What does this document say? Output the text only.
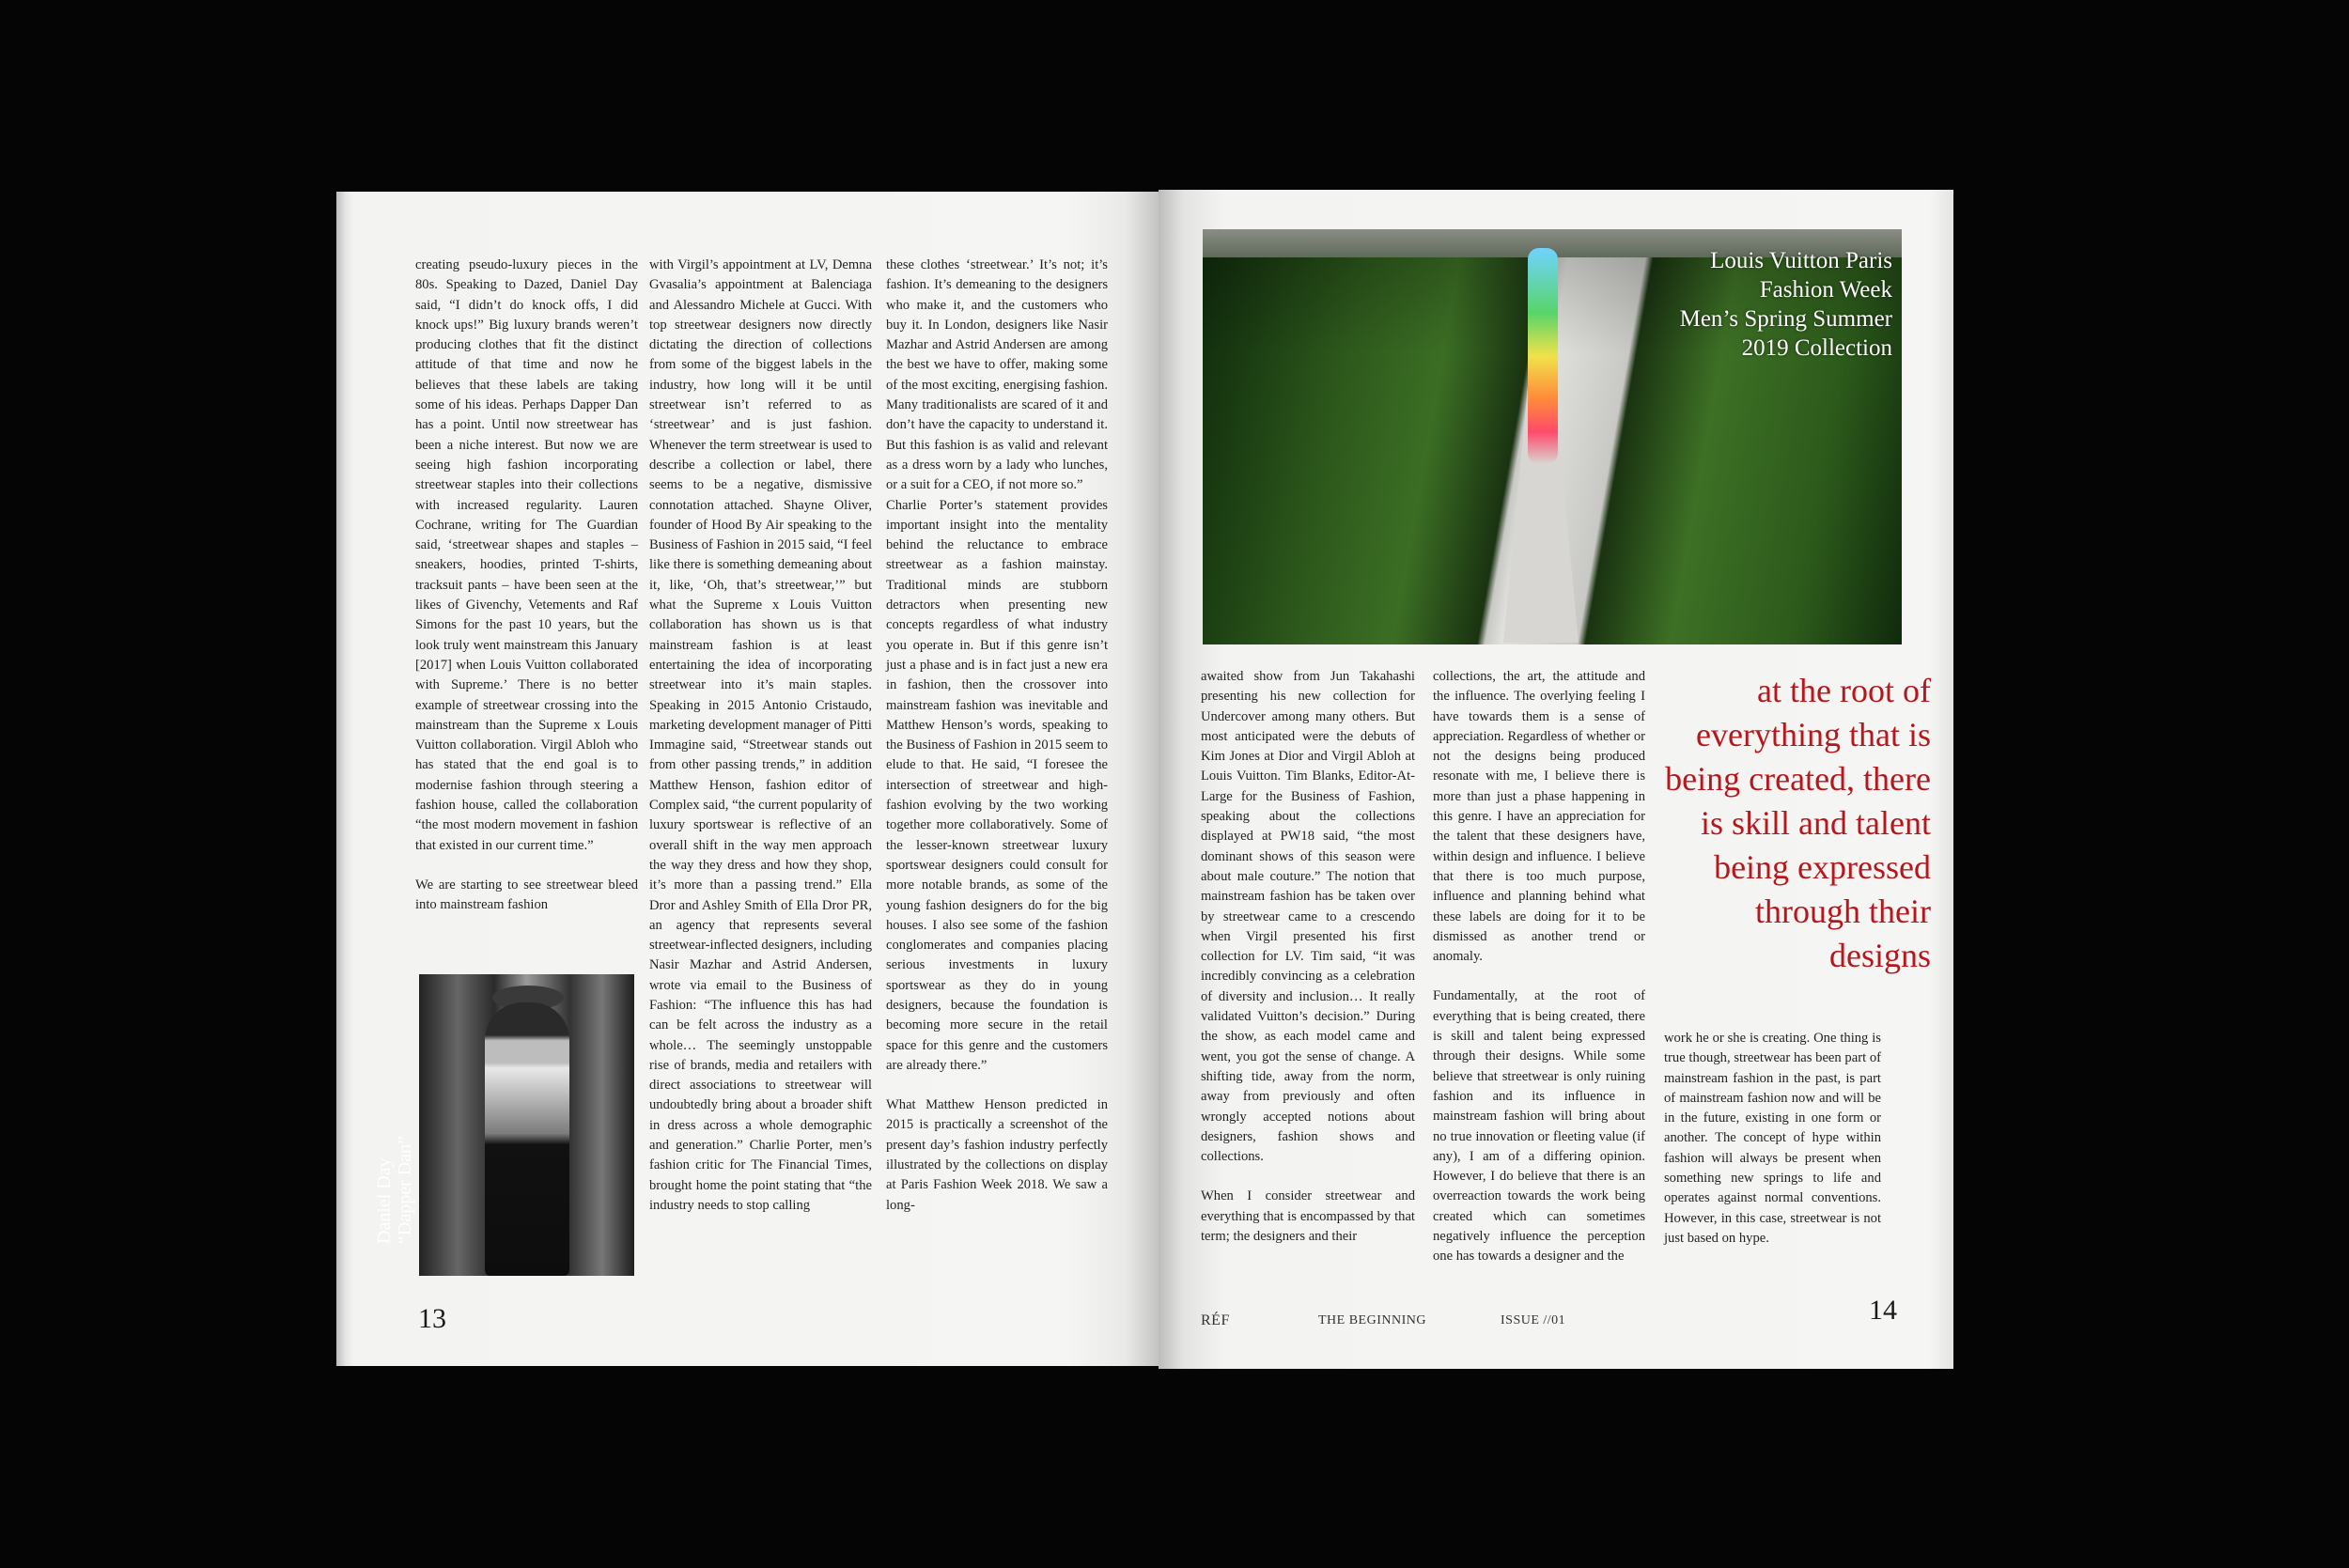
creating pseudo-luxury pieces in the 80s. Speaking to Dazed, Daniel Day said, “I didn’t do knock offs, I did knock ups!” Big luxury brands weren’t producing clothes that fit the distinct attitude of that time and now he believes that these labels are taking some of his ideas. Perhaps Dapper Dan has a point. Until now streetwear has been a niche interest. But now we are seeing high fashion incorporating streetwear staples into their collections with increased regularity. Lauren Cochrane, writing for The Guardian said, ‘streetwear shapes and staples – sneakers, hoodies, printed T-shirts, tracksuit pants – have been seen at the likes of Givenchy, Vetements and Raf Simons for the past 10 years, but the look truly went mainstream this January [2017] when Louis Vuitton collaborated with Supreme.’ There is no better example of streetwear crossing into the mainstream than the Supreme x Louis Vuitton collaboration. Virgil Abloh who has stated that the end goal is to modernise fashion through steering a fashion house, called the collaboration “the most modern movement in fashion that existed in our current time.”

We are starting to see streetwear bleed into mainstream fashion

Daniel Day “Dapper Dan”

with Virgil’s appointment at LV, Demna Gvasalia’s appointment at Balenciaga and Alessandro Michele at Gucci. With top streetwear designers now directly dictating the direction of collections from some of the biggest labels in the industry, how long will it be until streetwear isn’t referred to as ‘streetwear’ and is just fashion. Whenever the term streetwear is used to describe a collection or label, there seems to be a negative, dismissive connotation attached. Shayne Oliver, founder of Hood By Air speaking to the Business of Fashion in 2015 said, “I feel like there is something demeaning about it, like, ‘Oh, that’s streetwear,’” but what the Supreme x Louis Vuitton collaboration has shown us is that mainstream fashion is at least entertaining the idea of incorporating streetwear into it’s main staples. Speaking in 2015 Antonio Cristaudo, marketing development manager of Pitti Immagine said, “Streetwear stands out from other passing trends,” in addition Matthew Henson, fashion editor of Complex said, “the current popularity of luxury sportswear is reflective of an overall shift in the way men approach the way they dress and how they shop, it’s more than a passing trend.” Ella Dror and Ashley Smith of Ella Dror PR, an agency that represents several streetwear-inflected designers, including Nasir Mazhar and Astrid Andersen, wrote via email to the Business of Fashion: “The influence this has had can be felt across the industry as a whole… The seemingly unstoppable rise of brands, media and retailers with direct associations to streetwear will undoubtedly bring about a broader shift in dress across a whole demographic and generation.” Charlie Porter, men’s fashion critic for The Financial Times, brought home the point stating that “the industry needs to stop calling

these clothes ‘streetwear.’ It’s not; it’s fashion. It’s demeaning to the designers who make it, and the customers who buy it. In London, designers like Nasir Mazhar and Astrid Andersen are among the best we have to offer, making some of the most exciting, energising fashion. Many traditionalists are scared of it and don’t have the capacity to understand it. But this fashion is as valid and relevant as a dress worn by a lady who lunches, or a suit for a CEO, if not more so.”

Charlie Porter’s statement provides important insight into the mentality behind the reluctance to embrace streetwear as a fashion mainstay. Traditional minds are stubborn detractors when presenting new concepts regardless of what industry you operate in. But if this genre isn’t just a phase and is in fact just a new era in fashion, then the crossover into mainstream fashion was inevitable and Matthew Henson’s words, speaking to the Business of Fashion in 2015 seem to elude to that. He said, “I foresee the intersection of streetwear and high-fashion evolving by the two working together more collaboratively. Some of the lesser-known streetwear luxury sportswear designers could consult for more notable brands, as some of the young fashion designers do for the big houses. I also see some of the fashion conglomerates and companies placing serious investments in luxury sportswear as they do in young designers, because the foundation is becoming more secure in the retail space for this genre and the customers are already there.”

What Matthew Henson predicted in 2015 is practically a screenshot of the present day’s fashion industry perfectly illustrated by the collections on display at Paris Fashion Week 2018. We saw a long-

13
Louis Vuitton Paris
Fashion Week
Men’s Spring Summer
2019 Collection

awaited show from Jun Takahashi presenting his new collection for Undercover among many others. But most anticipated were the debuts of Kim Jones at Dior and Virgil Abloh at Louis Vuitton. Tim Blanks, Editor-At-Large for the Business of Fashion, speaking about the collections displayed at PW18 said, “the most dominant shows of this season were about male couture.” The notion that mainstream fashion has be taken over by streetwear came to a crescendo when Virgil presented his first collection for LV. Tim said, “it was incredibly convincing as a celebration of diversity and inclusion… It really validated Vuitton’s decision.” During the show, as each model came and went, you got the sense of change. A shifting tide, away from the norm, away from previously and often wrongly accepted notions about designers, fashion shows and collections.

When I consider streetwear and everything that is encompassed by that term; the designers and their

collections, the art, the attitude and the influence. The overlying feeling I have towards them is a sense of appreciation. Regardless of whether or not the designs being produced resonate with me, I believe there is more than just a phase happening in this genre. I have an appreciation for the talent that these designers have, within design and influence. I believe that there is too much purpose, influence and planning behind what these labels are doing for it to be dismissed as another trend or anomaly.

Fundamentally, at the root of everything that is being created, there is skill and talent being expressed through their designs. While some believe that streetwear is only ruining fashion and its influence in mainstream fashion will bring about no true innovation or fleeting value (if any), I am of a differing opinion. However, I do believe that there is an overreaction towards the work being created which can sometimes negatively influence the perception one has towards a designer and the

at the root of everything that is being created, there is skill and talent being expressed through their designs

work he or she is creating. One thing is true though, streetwear has been part of mainstream fashion in the past, is part of mainstream fashion now and will be in the future, existing in one form or another. The concept of hype within fashion will always be present when something new springs to life and operates against normal conventions. However, in this case, streetwear is not just based on hype.

RÉF	THE BEGINNING	ISSUE //01	14
